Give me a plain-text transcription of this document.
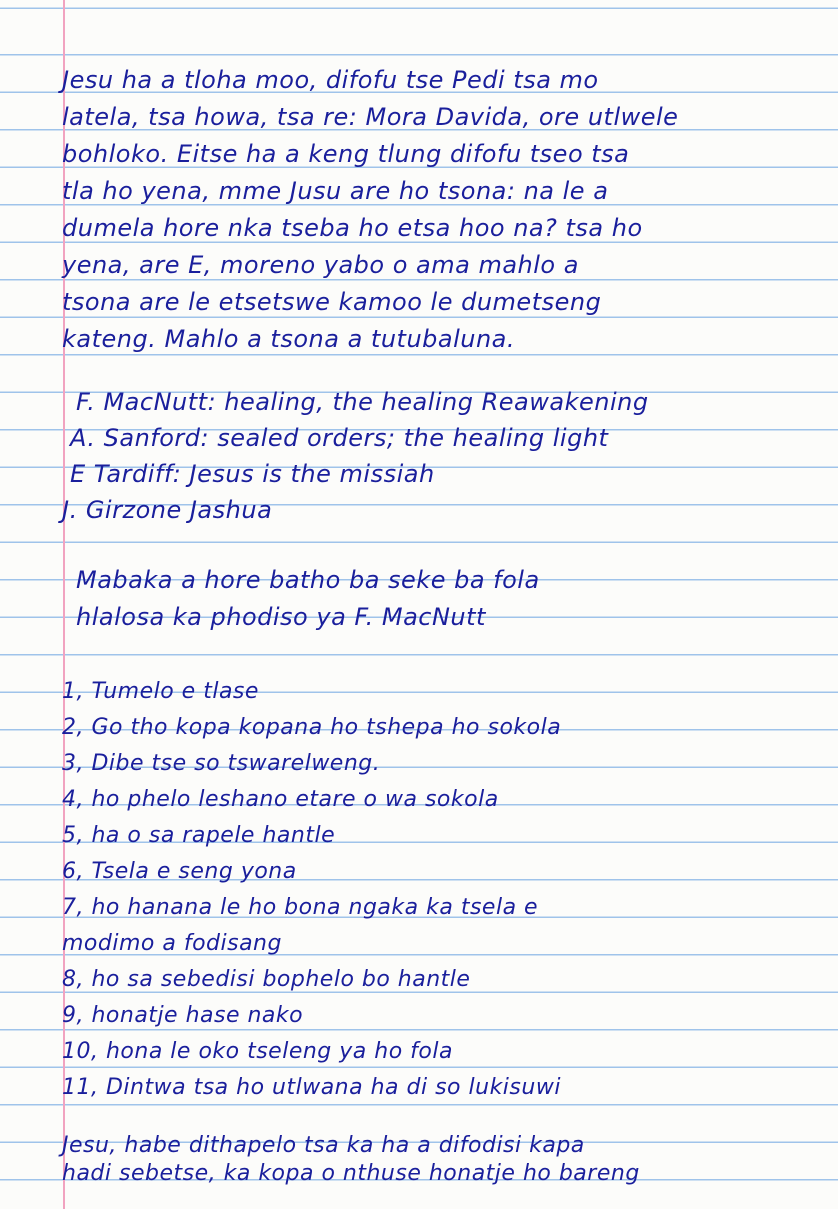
Jesu ha a tloha moo, difofu tse Pedi tsa mo
latela, tsa howa, tsa re: Mora Davida, ore utlwele
bohloko. Eitse ha a keng tlung difofu tseo tsa
tla ho yena, mme Jusu are ho tsona: na le a
dumela hore nka tseba ho etsa hoo na? tsa ho
yena, are E, moreno yabo o ama mahlo a
tsona are le etsetswe kamoo le dumetseng
kateng. Mahlo a tsona a tutubaluna.
F. MacNutt: healing, the healing Reawakening
A. Sanford: sealed orders; the healing light
E Tardiff: Jesus is the missiah
J. Girzone Jashua
Mabaka a hore batho ba seke ba fola
hlalosa ka phodiso ya F. MacNutt
1, Tumelo e tlase
2, Go tho kopa kopana ho tshepa ho sokola
3, Dibe tse so tswarelweng.
4, ho phelo leshano etare o wa sokola
5, ha o sa rapele hantle
6, Tsela e seng yona
7, ho hanana le ho bona ngaka ka tsela e
modimo a fodisang
8, ho sa sebedisi bophelo bo hantle
9, honatje hase nako
10, hona le oko tseleng ya ho fola
11, Dintwa tsa ho utlwana ha di so lukisuwi
Jesu, habe dithapelo tsa ka ha a difodisi kapa
hadi sebetse, ka kopa o nthuse honatje ho bareng
